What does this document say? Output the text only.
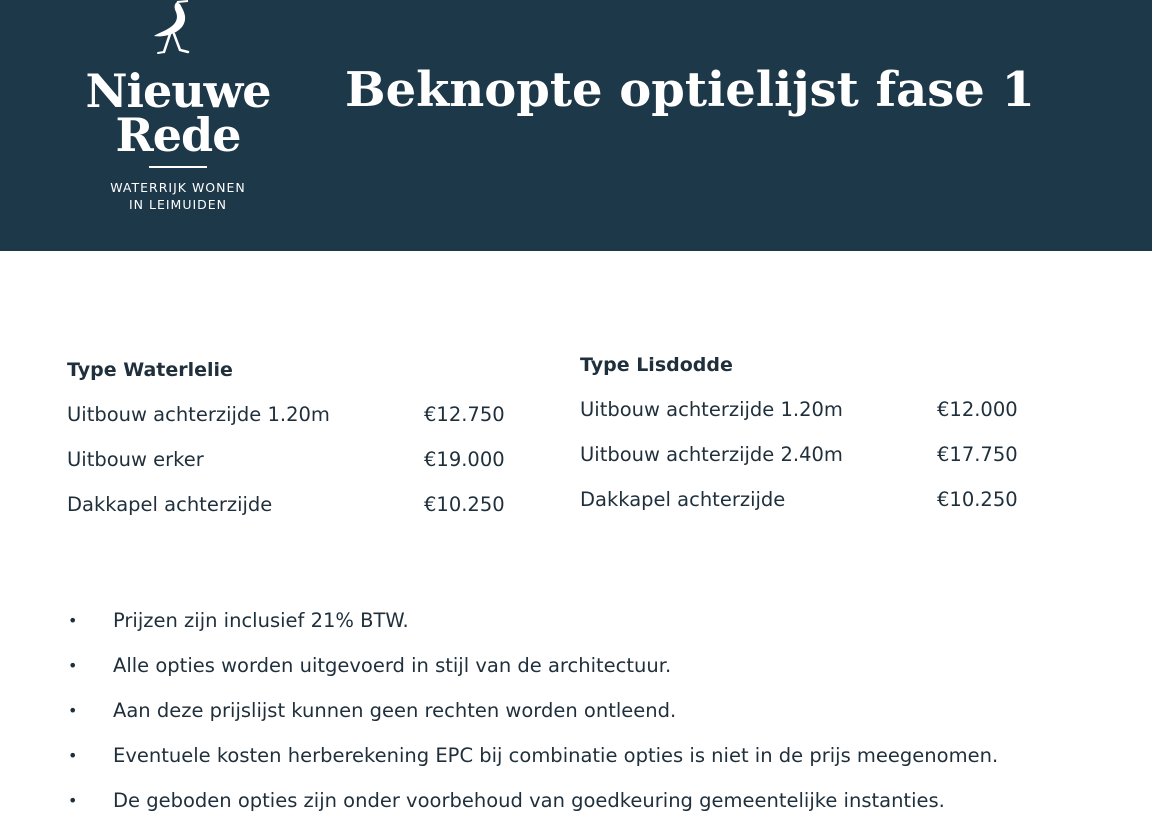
Nieuwe
Rede
WATERRIJK WONEN
IN LEIMUIDEN
Beknopte optielijst fase 1
Type Waterlelie
Uitbouw achterzijde 1.20m	€12.750
Uitbouw erker	€19.000
Dakkapel achterzijde	€10.250
Type Lisdodde
Uitbouw achterzijde 1.20m	€12.000
Uitbouw achterzijde 2.40m	€17.750
Dakkapel achterzijde	€10.250
• Prijzen zijn inclusief 21% BTW.
• Alle opties worden uitgevoerd in stijl van de architectuur.
• Aan deze prijslijst kunnen geen rechten worden ontleend.
• Eventuele kosten herberekening EPC bij combinatie opties is niet in de prijs meegenomen.
• De geboden opties zijn onder voorbehoud van goedkeuring gemeentelijke instanties.
